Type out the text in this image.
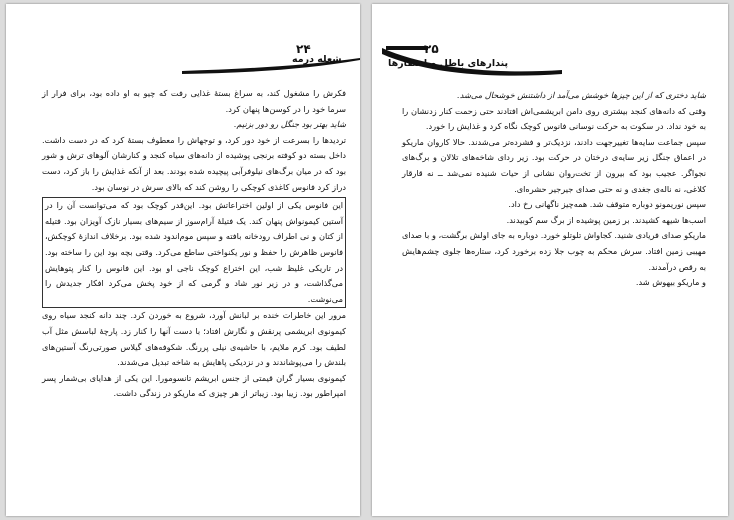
۲۴
شعله درمه

فکرش را مشغول کند، به سراغ بستهٔ غذایی رفت که چیو به او داده بود، برای فرار از سرما خود را در کوسن‌ها پنهان کرد.

شاید بهتر بود جنگل رو دور بزنیم.

تردیدها را بسرعت از خود دور کرد، و توجهاش را معطوف بستهٔ کرد که در دست داشت. داخل بسته دو کوفته برنجی پوشیده از دانه‌های سیاه کنجد و کنارشان آلوهای ترش و شور بود که در میان برگ‌های نیلوفرآبی پیچیده شده بودند. بعد از آنکه غذایش را باز کرد، دست دراز کرد فانوس کاغذی کوچکی را روشن کند که بالای سرش در نوسان بود.

این فانوس یکی از اولین اختراعاتش بود. این‌قدر کوچک بود که می‌توانست آن را در آستین کیمونواش پنهان کند. یک فتیلهٔ آرام‌سوز از سیم‌های بسیار نازک آویزان بود. فتیله از کتان و نی اطراف رودخانه بافته و سپس موم‌اندود شده بود. برخلاف اندازهٔ کوچکش، فانوس ظاهرش را حفظ و نور یکنواختی ساطع می‌کرد. وقتی بچه بود این را ساخته بود. در تاریکی غلیظ شب، این اختراع کوچک ناجی او بود. این فانوس را کنار پتوهایش می‌گذاشت، و در زیر نور شاد و گرمی که از خود پخش می‌کرد افکار جدیدش را می‌نوشت.

مرور این خاطرات خنده بر لبانش آورد، شروع به خوردن کرد. چند دانه کنجد سیاه روی کیمونوی ابریشمی پرنقش و نگارش افتاد؛ با دست آنها را کنار زد. پارچهٔ لباسش مثل آب لطیف بود. کرم ملایم، با حاشیه‌ی نیلی پررنگ. شکوفه‌های گیلاس صورتی‌رنگ آستین‌های بلندش را می‌پوشاندند و در نزدیکی پاهایش به شاخه تبدیل می‌شدند.

کیمونوی بسیار گران قیمتی از جنس ابریشم تانسومورا. این یکی از هدایای بی‌شمار پسر امپراطور بود. زیبا بود. زیباتر از هر چیزی که ماریکو در زندگی داشت.

۲۵
پندارهای باطل و انتظارها

شاید دختری که از این چیزها خوشش می‌آمد از داشتنش خوشحال می‌شد.

وقتی که دانه‌های کنجد بیشتری روی دامن ابریشمی‌اش افتادند حتی زحمت کنار زدنشان را به خود نداد. در سکوت به حرکت نوسانی فانوس کوچک نگاه کرد و غذایش را خورد.

سپس جماعت سایه‌ها تغییرجهت دادند، نزدیک‌تر و فشرده‌تر می‌شدند. حالا کاروان ماریکو در اعماق جنگل زیر سایه‌ی درختان در حرکت بود. زیر ردای شاخه‌های تلالان و برگ‌های نجواگر. عجیب بود که بیرون از تخت‌روان نشانی از حیات شنیده نمی‌شد ــ نه قارقار کلاغی، نه ناله‌ی جغدی و نه حتی صدای جیرجیر حشره‌ای.

سپس نوریمونو دوباره متوقف شد. همه‌چیز ناگهانی رخ داد.

اسب‌ها شیهه کشیدند. بر زمین پوشیده از برگ سم کوبیدند.

ماریکو صدای فریادی شنید. کجاواش تلوتلو خورد. دوباره به جای اولش برگشت، و با صدای مهیبی زمین افتاد. سرش محکم به چوب جلا زده برخورد کرد، ستاره‌ها جلوی چشم‌هایش به رقص درآمدند.

و ماریکو بیهوش شد.
